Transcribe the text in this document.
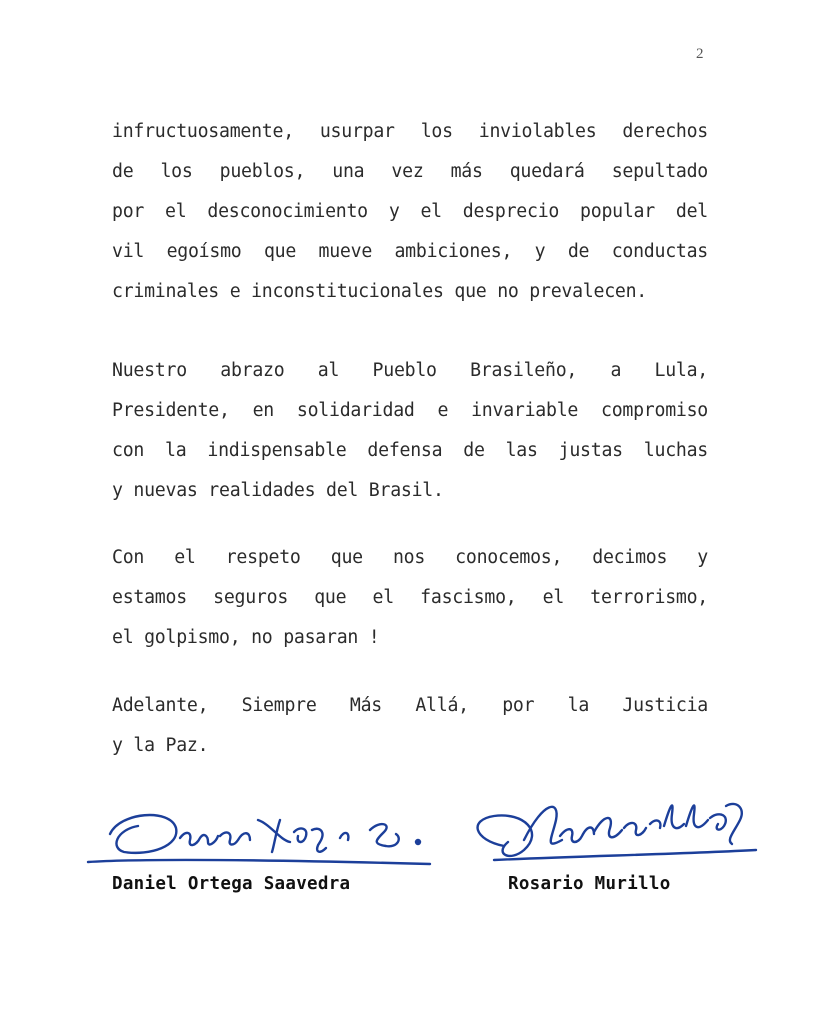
2

infructuosamente, usurpar los inviolables derechos
de los pueblos, una vez más quedará sepultado
por el desconocimiento y el desprecio popular del
vil egoísmo que mueve ambiciones, y de conductas
criminales e inconstitucionales que no prevalecen.

Nuestro abrazo al Pueblo Brasileño, a Lula,
Presidente, en solidaridad e invariable compromiso
con la indispensable defensa de las justas luchas
y nuevas realidades del Brasil.

Con el respeto que nos conocemos, decimos y
estamos seguros que el fascismo, el terrorismo,
el golpismo, no pasaran !

Adelante, Siempre Más Allá, por la Justicia
y la Paz.

Daniel Ortega Saavedra	Rosario Murillo
